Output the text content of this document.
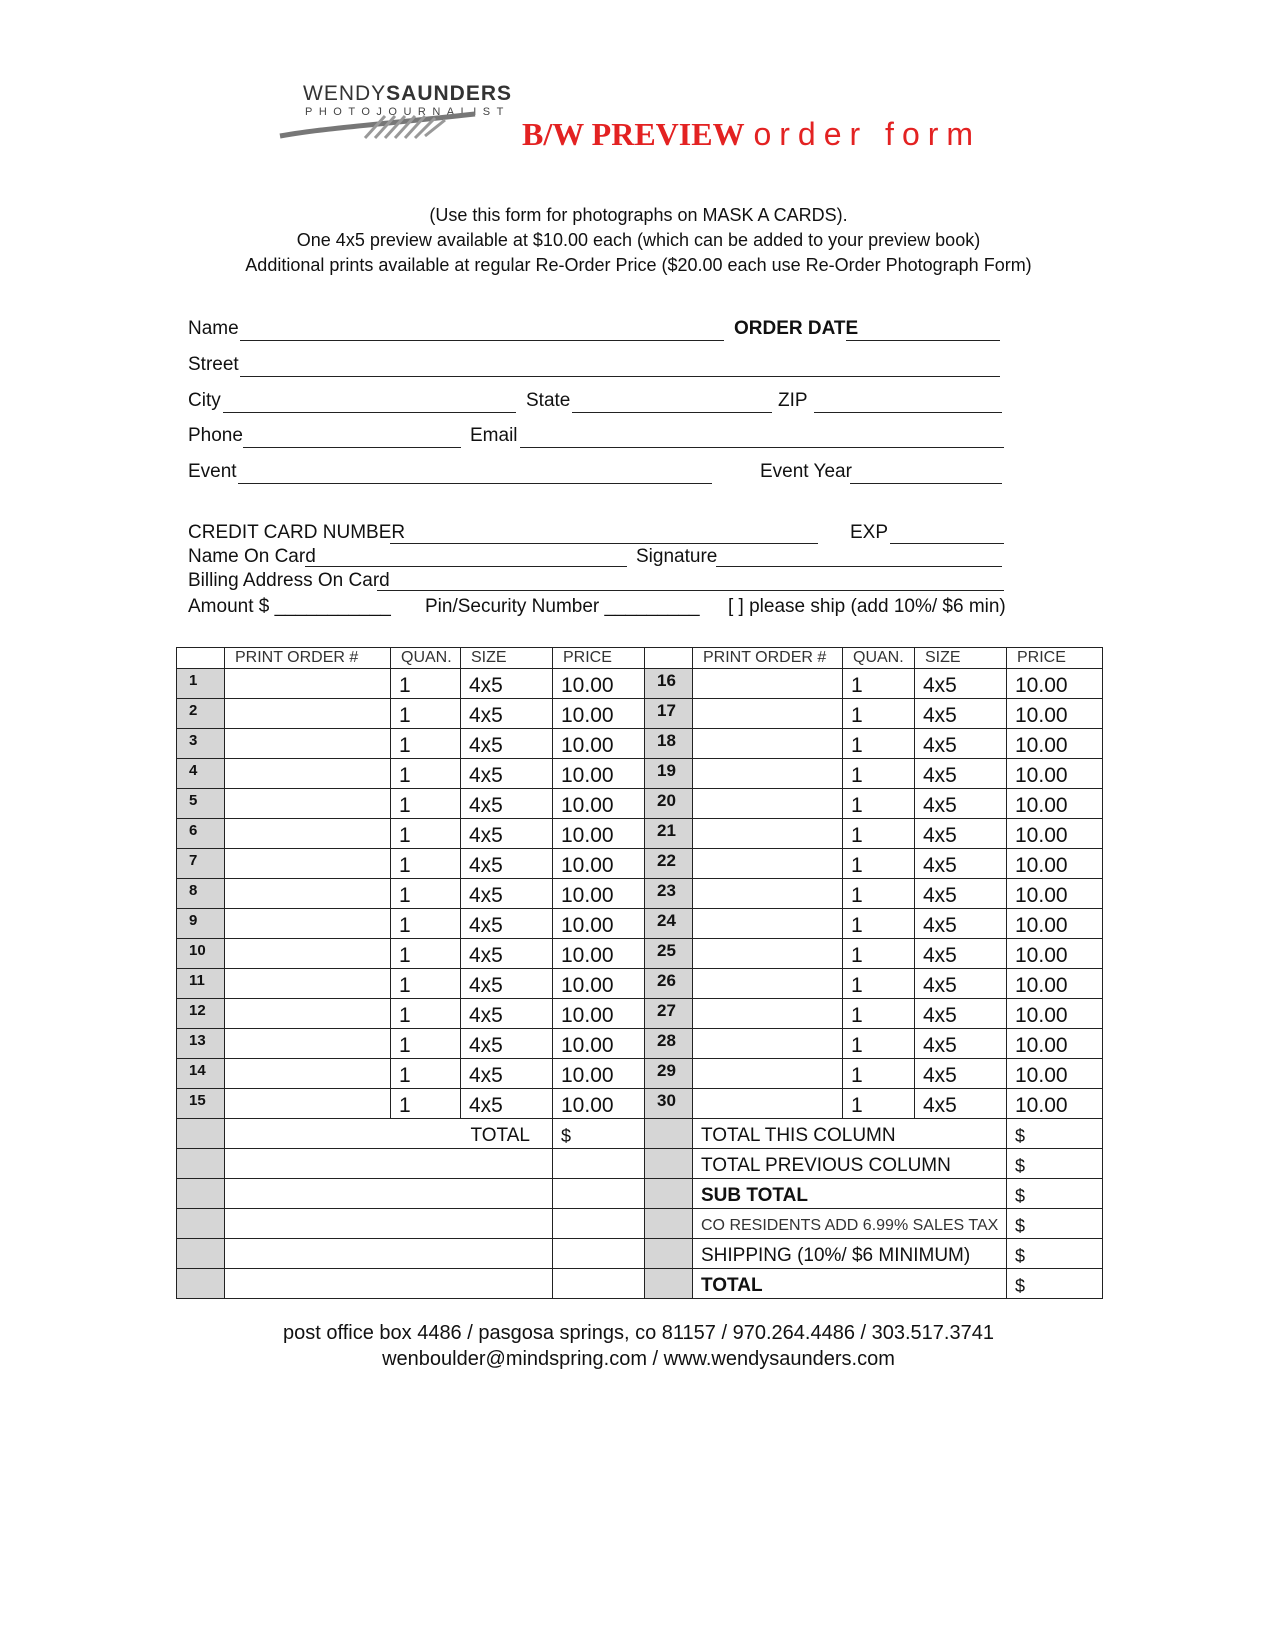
WENDYSAUNDERS
PHOTOJOURNALIST
B/W PREVIEW order form
(Use this form for photographs on MASK A CARDS).
One 4x5 preview available at $10.00 each (which can be added to your preview book)
Additional prints available at regular Re-Order Price ($20.00 each use Re-Order Photograph Form)
Name	ORDER DATE
Street
City	State	ZIP
Phone	Email
Event	Event Year
CREDIT CARD NUMBER	EXP
Name On Card	Signature
Billing Address On Card
Amount $ ___________ Pin/Security Number _________ [ ] please ship (add 10%/ $6 min)
	PRINT ORDER #	QUAN.	SIZE	PRICE		PRINT ORDER #	QUAN.	SIZE	PRICE
1		1	4x5	10.00	16		1	4x5	10.00
2		1	4x5	10.00	17		1	4x5	10.00
3		1	4x5	10.00	18		1	4x5	10.00
4		1	4x5	10.00	19		1	4x5	10.00
5		1	4x5	10.00	20		1	4x5	10.00
6		1	4x5	10.00	21		1	4x5	10.00
7		1	4x5	10.00	22		1	4x5	10.00
8		1	4x5	10.00	23		1	4x5	10.00
9		1	4x5	10.00	24		1	4x5	10.00
10		1	4x5	10.00	25		1	4x5	10.00
11		1	4x5	10.00	26		1	4x5	10.00
12		1	4x5	10.00	27		1	4x5	10.00
13		1	4x5	10.00	28		1	4x5	10.00
14		1	4x5	10.00	29		1	4x5	10.00
15		1	4x5	10.00	30		1	4x5	10.00
	TOTAL			$		TOTAL THIS COLUMN			$
						TOTAL PREVIOUS COLUMN			$
						SUB TOTAL			$
						CO RESIDENTS ADD 6.99% SALES TAX			$
						SHIPPING (10%/ $6 MINIMUM)			$
						TOTAL			$
post office box 4486 / pasgosa springs, co 81157 / 970.264.4486 / 303.517.3741
wenboulder@mindspring.com / www.wendysaunders.com
